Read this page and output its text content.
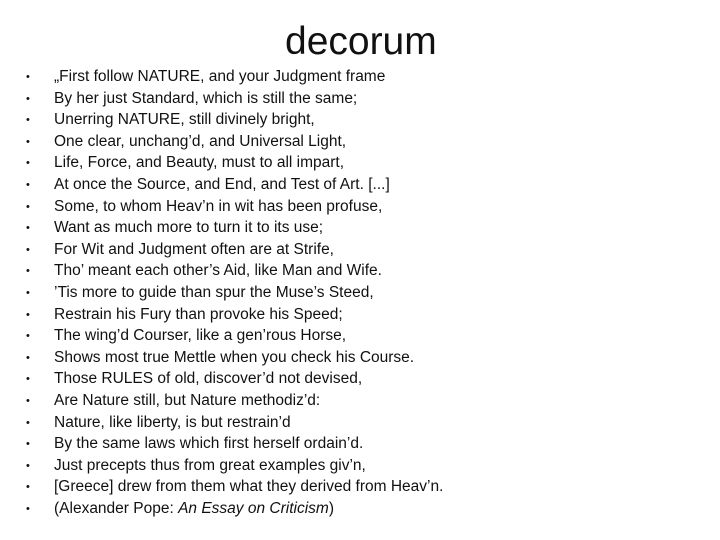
decorum
• „First follow NATURE, and your Judgment frame
• By her just Standard, which is still the same;
• Unerring NATURE, still divinely bright,
• One clear, unchang’d, and Universal Light,
• Life, Force, and Beauty, must to all impart,
• At once the Source, and End, and Test of Art. [...]
• Some, to whom Heav’n in wit has been profuse,
• Want as much more to turn it to its use;
• For Wit and Judgment often are at Strife,
• Tho’ meant each other’s Aid, like Man and Wife.
• ’Tis more to guide than spur the Muse’s Steed,
• Restrain his Fury than provoke his Speed;
• The wing’d Courser, like a gen’rous Horse,
• Shows most true Mettle when you check his Course.
• Those RULES of old, discover’d not devised,
• Are Nature still, but Nature methodiz’d:
• Nature, like liberty, is but restrain’d
• By the same laws which first herself ordain’d.
• Just precepts thus from great examples giv’n,
• [Greece] drew from them what they derived from Heav’n.
• (Alexander Pope: An Essay on Criticism)
